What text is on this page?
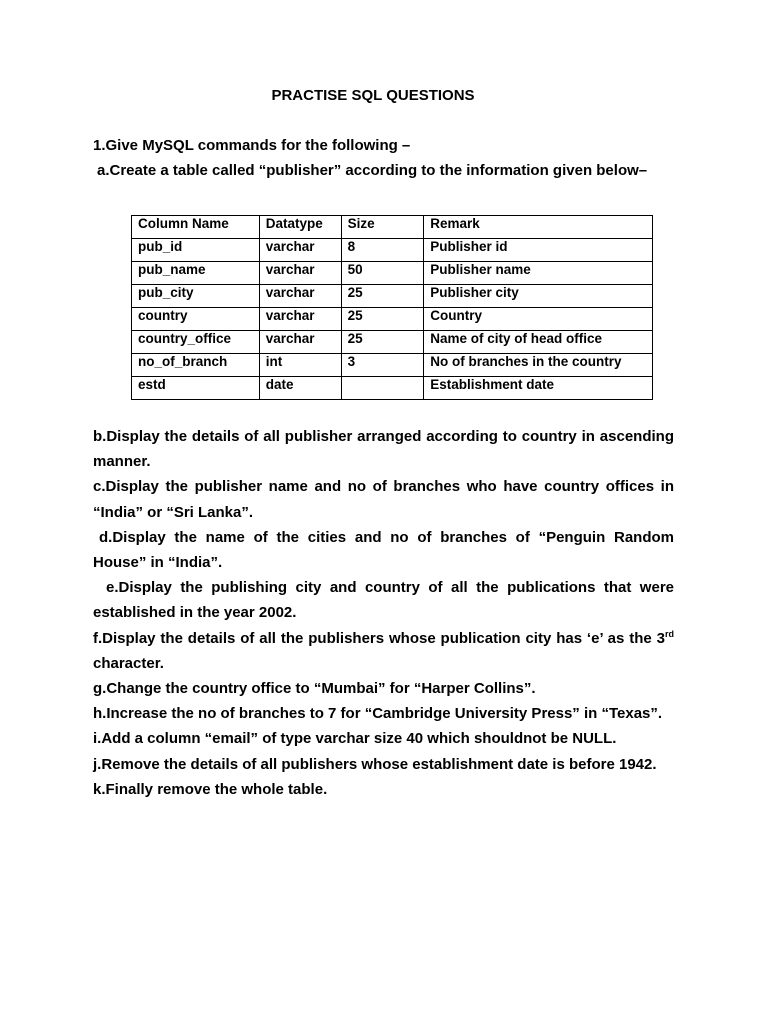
PRACTISE SQL QUESTIONS

1.Give MySQL commands for the following –

a.Create a table called “publisher” according to the information given below–

Column Name	Datatype	Size	Remark
pub_id	varchar	8	Publisher id
pub_name	varchar	50	Publisher name
pub_city	varchar	25	Publisher city
country	varchar	25	Country
country_office	varchar	25	Name of city of head office
no_of_branch	int	3	No of branches in the country
estd	date		Establishment date

b.Display the details of all publisher arranged according to country in ascending manner.

c.Display the publisher name and no of branches who have country offices in “India” or “Sri Lanka”.

d.Display the name of the cities and no of branches of “Penguin Random House” in “India”.

e.Display the publishing city and country of all the publications that were established in the year 2002.

f.Display the details of all the publishers whose publication city has ‘e’ as the 3rd character.

g.Change the country office to “Mumbai” for “Harper Collins”.

h.Increase the no of branches to 7 for “Cambridge University Press” in “Texas”.

i.Add a column “email” of type varchar size 40 which shouldnot be NULL.

j.Remove the details of all publishers whose establishment date is before 1942.

k.Finally remove the whole table.
